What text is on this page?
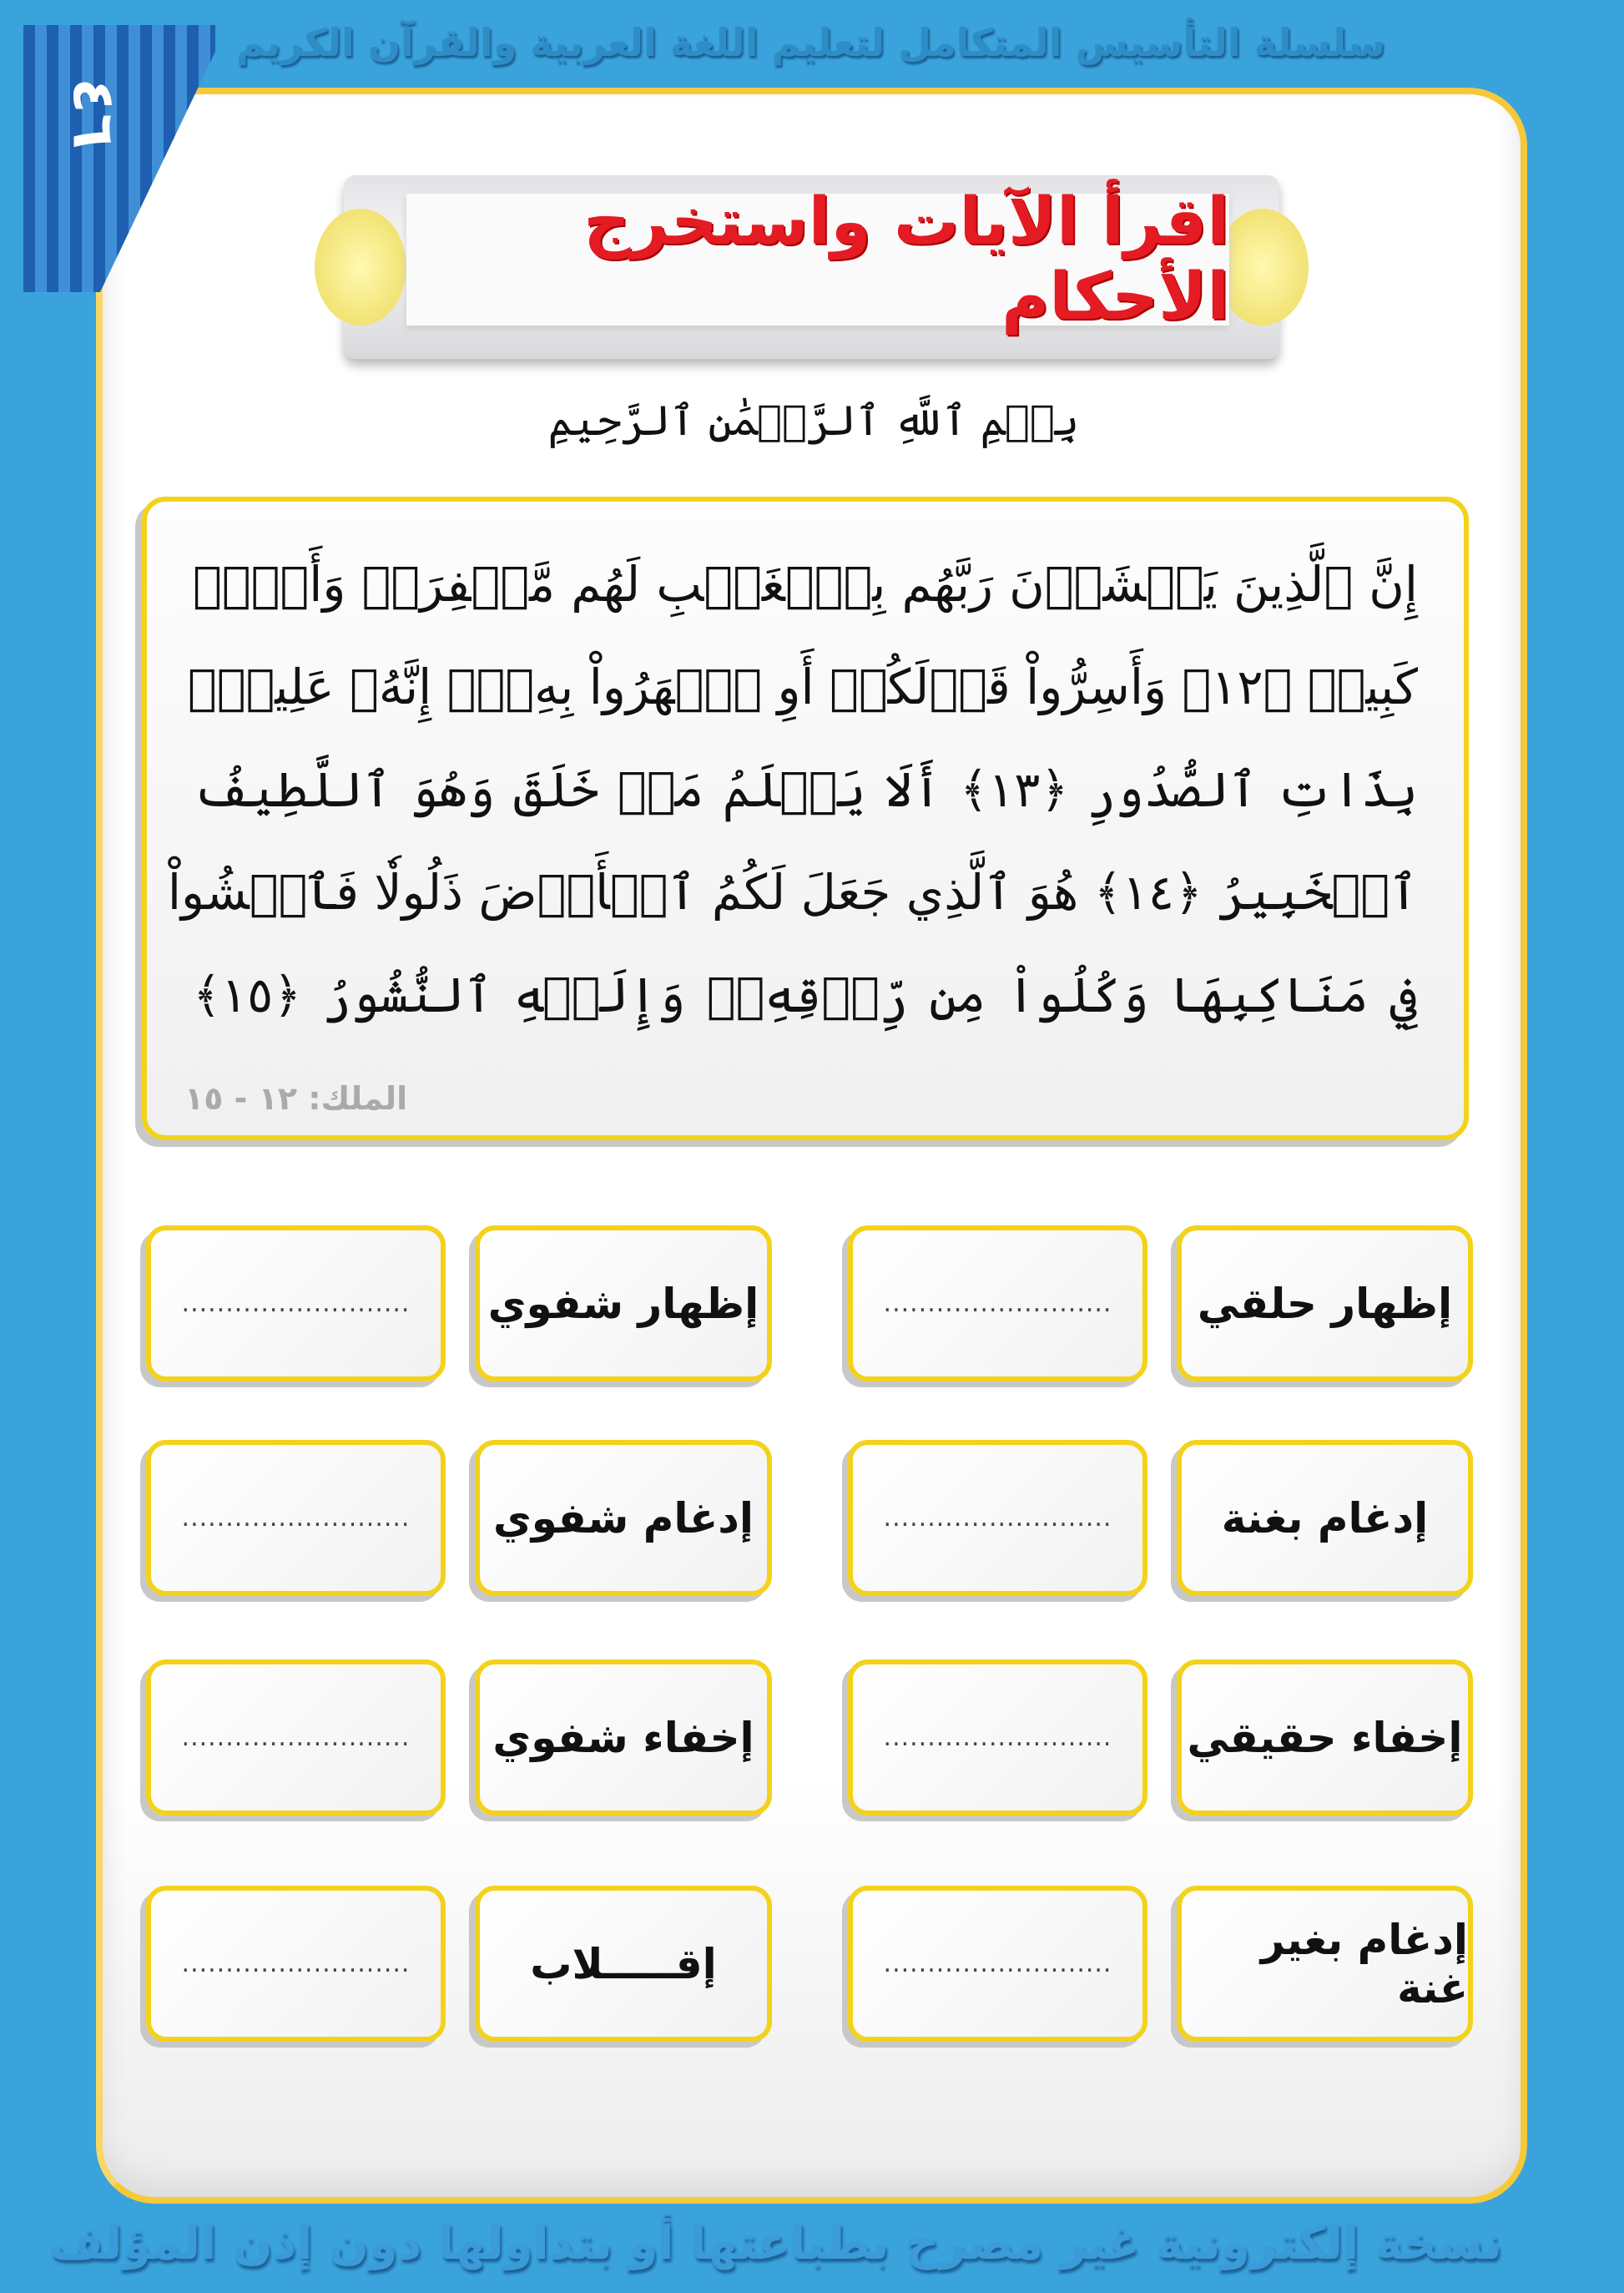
سلسلة التأسيس المتكامل لتعليم اللغة العربية والقرآن الكريم
٤٦
اقرأ الآيات واستخرج الأحكام
بِسۡمِ ٱللَّهِ ٱلرَّحۡمَٰنِ ٱلرَّحِيمِ
إِنَّ ٱلَّذِينَ يَخۡشَوۡنَ رَبَّهُم بِٱلۡغَيۡبِ لَهُم مَّغۡفِرَةٞ وَأَجۡرٞ
كَبِيرٞ ﴿١٢﴾ وَأَسِرُّواْ قَوۡلَكُمۡ أَوِ ٱجۡهَرُواْ بِهِۦٓۖ إِنَّهُۥ عَلِيمُۢ
بِذَاتِ ٱلصُّدُورِ ﴿١٣﴾ أَلَا يَعۡلَمُ مَنۡ خَلَقَ وَهُوَ ٱللَّطِيفُ
ٱلۡخَبِيرُ ﴿١٤﴾ هُوَ ٱلَّذِي جَعَلَ لَكُمُ ٱلۡأَرۡضَ ذَلُولٗا فَٱمۡشُواْ
فِي مَنَاكِبِهَا وَكُلُواْ مِن رِّزۡقِهِۦۖ وَإِلَيۡهِ ٱلنُّشُورُ ﴿١٥﴾
الملك: ١٢ - ١٥
إظهار حلقي
..........................
إظهار شفوي
..........................
إدغام بغنة
..........................
إدغام شفوي
..........................
إخفاء حقيقي
..........................
إخفاء شفوي
..........................
إدغام بغير غنة
..........................
إقـــــلاب
..........................
نسخة إلكترونية غير مصرح بطباعتها أو بتداولها دون إذن المؤلف
